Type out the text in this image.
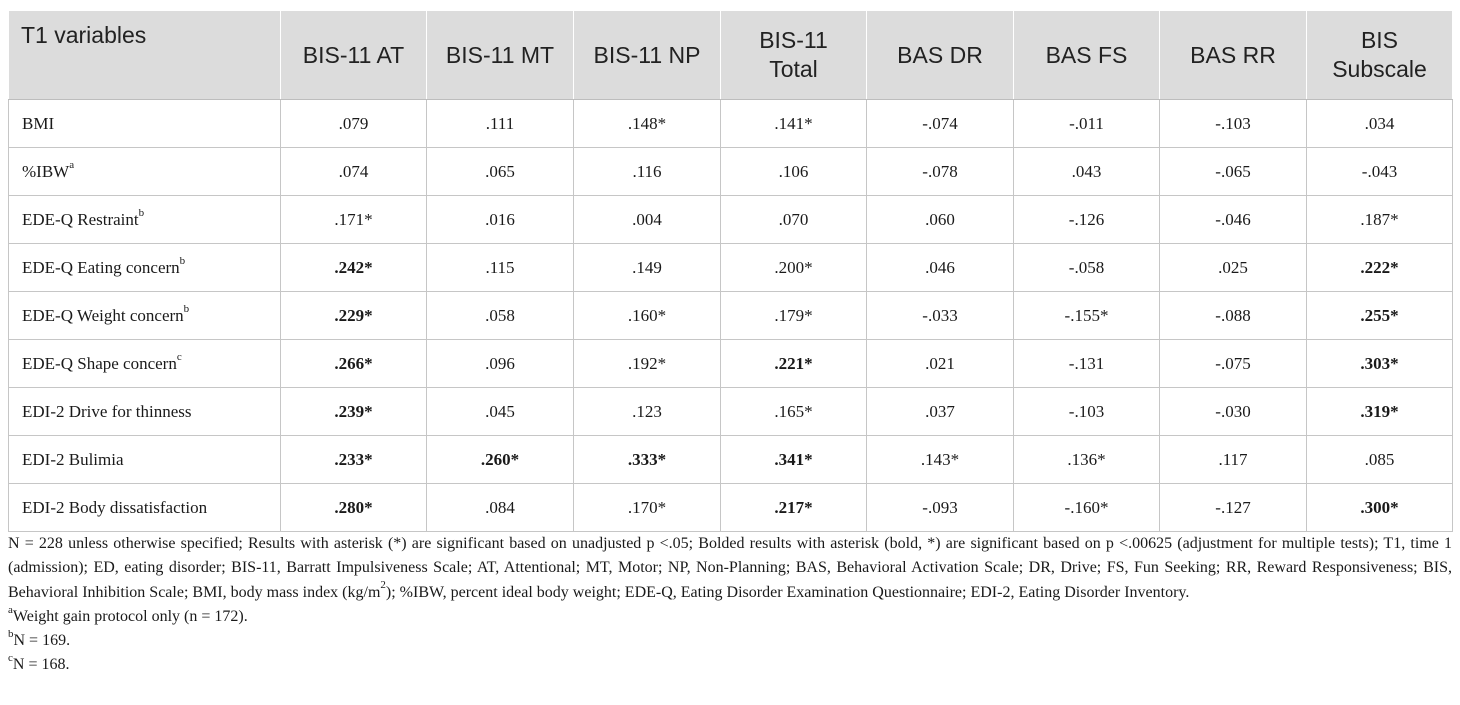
T1 variables	BIS-11 AT	BIS-11 MT	BIS-11 NP	BIS-11 Total	BAS DR	BAS FS	BAS RR	BIS Subscale
BMI	.079	.111	.148*	.141*	-.074	-.011	-.103	.034
%IBW$^a$	.074	.065	.116	.106	-.078	.043	-.065	-.043
EDE-Q Restraint$^b$	.171*	.016	.004	.070	.060	-.126	-.046	.187*
EDE-Q Eating concern$^b$	.242*	.115	.149	.200*	.046	-.058	.025	.222*
EDE-Q Weight concern$^b$	.229*	.058	.160*	.179*	-.033	-.155*	-.088	.255*
EDE-Q Shape concern$^c$	.266*	.096	.192*	.221*	.021	-.131	-.075	.303*
EDI-2 Drive for thinness	.239*	.045	.123	.165*	.037	-.103	-.030	.319*
EDI-2 Bulimia	.233*	.260*	.333*	.341*	.143*	.136*	.117	.085
EDI-2 Body dissatisfaction	.280*	.084	.170*	.217*	-.093	-.160*	-.127	.300*

N = 228 unless otherwise specified; Results with asterisk (*) are significant based on unadjusted p <.05; Bolded results with asterisk (bold, *) are significant based on p <.00625 (adjustment for multiple tests); T1, time 1 (admission); ED, eating disorder; BIS-11, Barratt Impulsiveness Scale; AT, Attentional; MT, Motor; NP, Non-Planning; BAS, Behavioral Activation Scale; DR, Drive; FS, Fun Seeking; RR, Reward Responsiveness; BIS, Behavioral Inhibition Scale; BMI, body mass index $(kg/m^2)$; %IBW, percent ideal body weight; EDE-Q, Eating Disorder Examination Questionnaire; EDI-2, Eating Disorder Inventory.

$^a$Weight gain protocol only (n = 172).

$^b$N = 169.

$^c$N = 168.
